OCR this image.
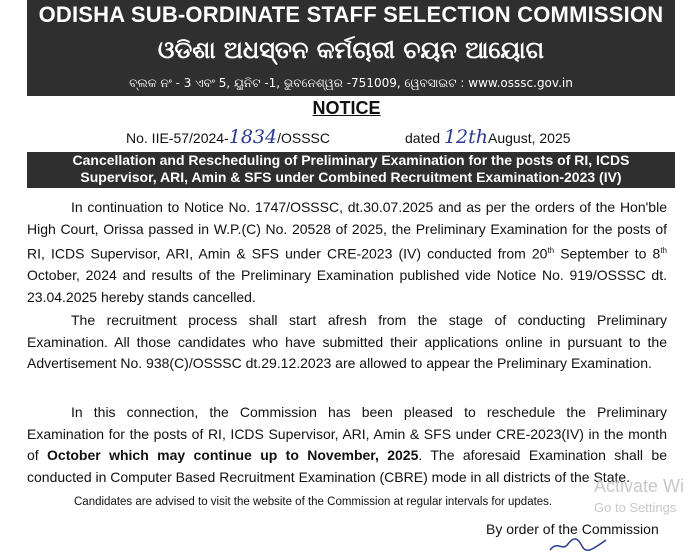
ODISHA SUB-ORDINATE STAFF SELECTION COMMISSION
ଓଡିଶା ଅଧସ୍ତନ କର୍ମଚାରୀ ଚୟନ ଆୟୋଗ
ବ୍ଲକ ନଂ - 3 ଏବଂ 5, ୟୁନିଟ -1, ଭୁବନେଶ୍ୱର -751009, ୱେବସାଇଟ : www.osssc.gov.in
NOTICE
No. IIE-57/2024-1834/OSSSC	dated 12thAugust, 2025
Cancellation and Rescheduling of Preliminary Examination for the posts of RI, ICDS
Supervisor, ARI, Amin & SFS under Combined Recruitment Examination-2023 (IV)

In continuation to Notice No. 1747/OSSSC, dt.30.07.2025 and as per the orders of the Hon'ble High Court, Orissa passed in W.P.(C) No. 20528 of 2025, the Preliminary Examination for the posts of RI, ICDS Supervisor, ARI, Amin & SFS under CRE-2023 (IV) conducted from 20th September to 8th October, 2024 and results of the Preliminary Examination published vide Notice No. 919/OSSSC dt. 23.04.2025 hereby stands cancelled.

The recruitment process shall start afresh from the stage of conducting Preliminary Examination. All those candidates who have submitted their applications online in pursuant to the Advertisement No. 938(C)/OSSSC dt.29.12.2023 are allowed to appear the Preliminary Examination.

In this connection, the Commission has been pleased to reschedule the Preliminary Examination for the posts of RI, ICDS Supervisor, ARI, Amin & SFS under CRE-2023(IV) in the month of October which may continue up to November, 2025. The aforesaid Examination shall be conducted in Computer Based Recruitment Examination (CBRE) mode in all districts of the State.

Candidates are advised to visit the website of the Commission at regular intervals for updates.
By order of the Commission
Activate Wi
Go to Settings
